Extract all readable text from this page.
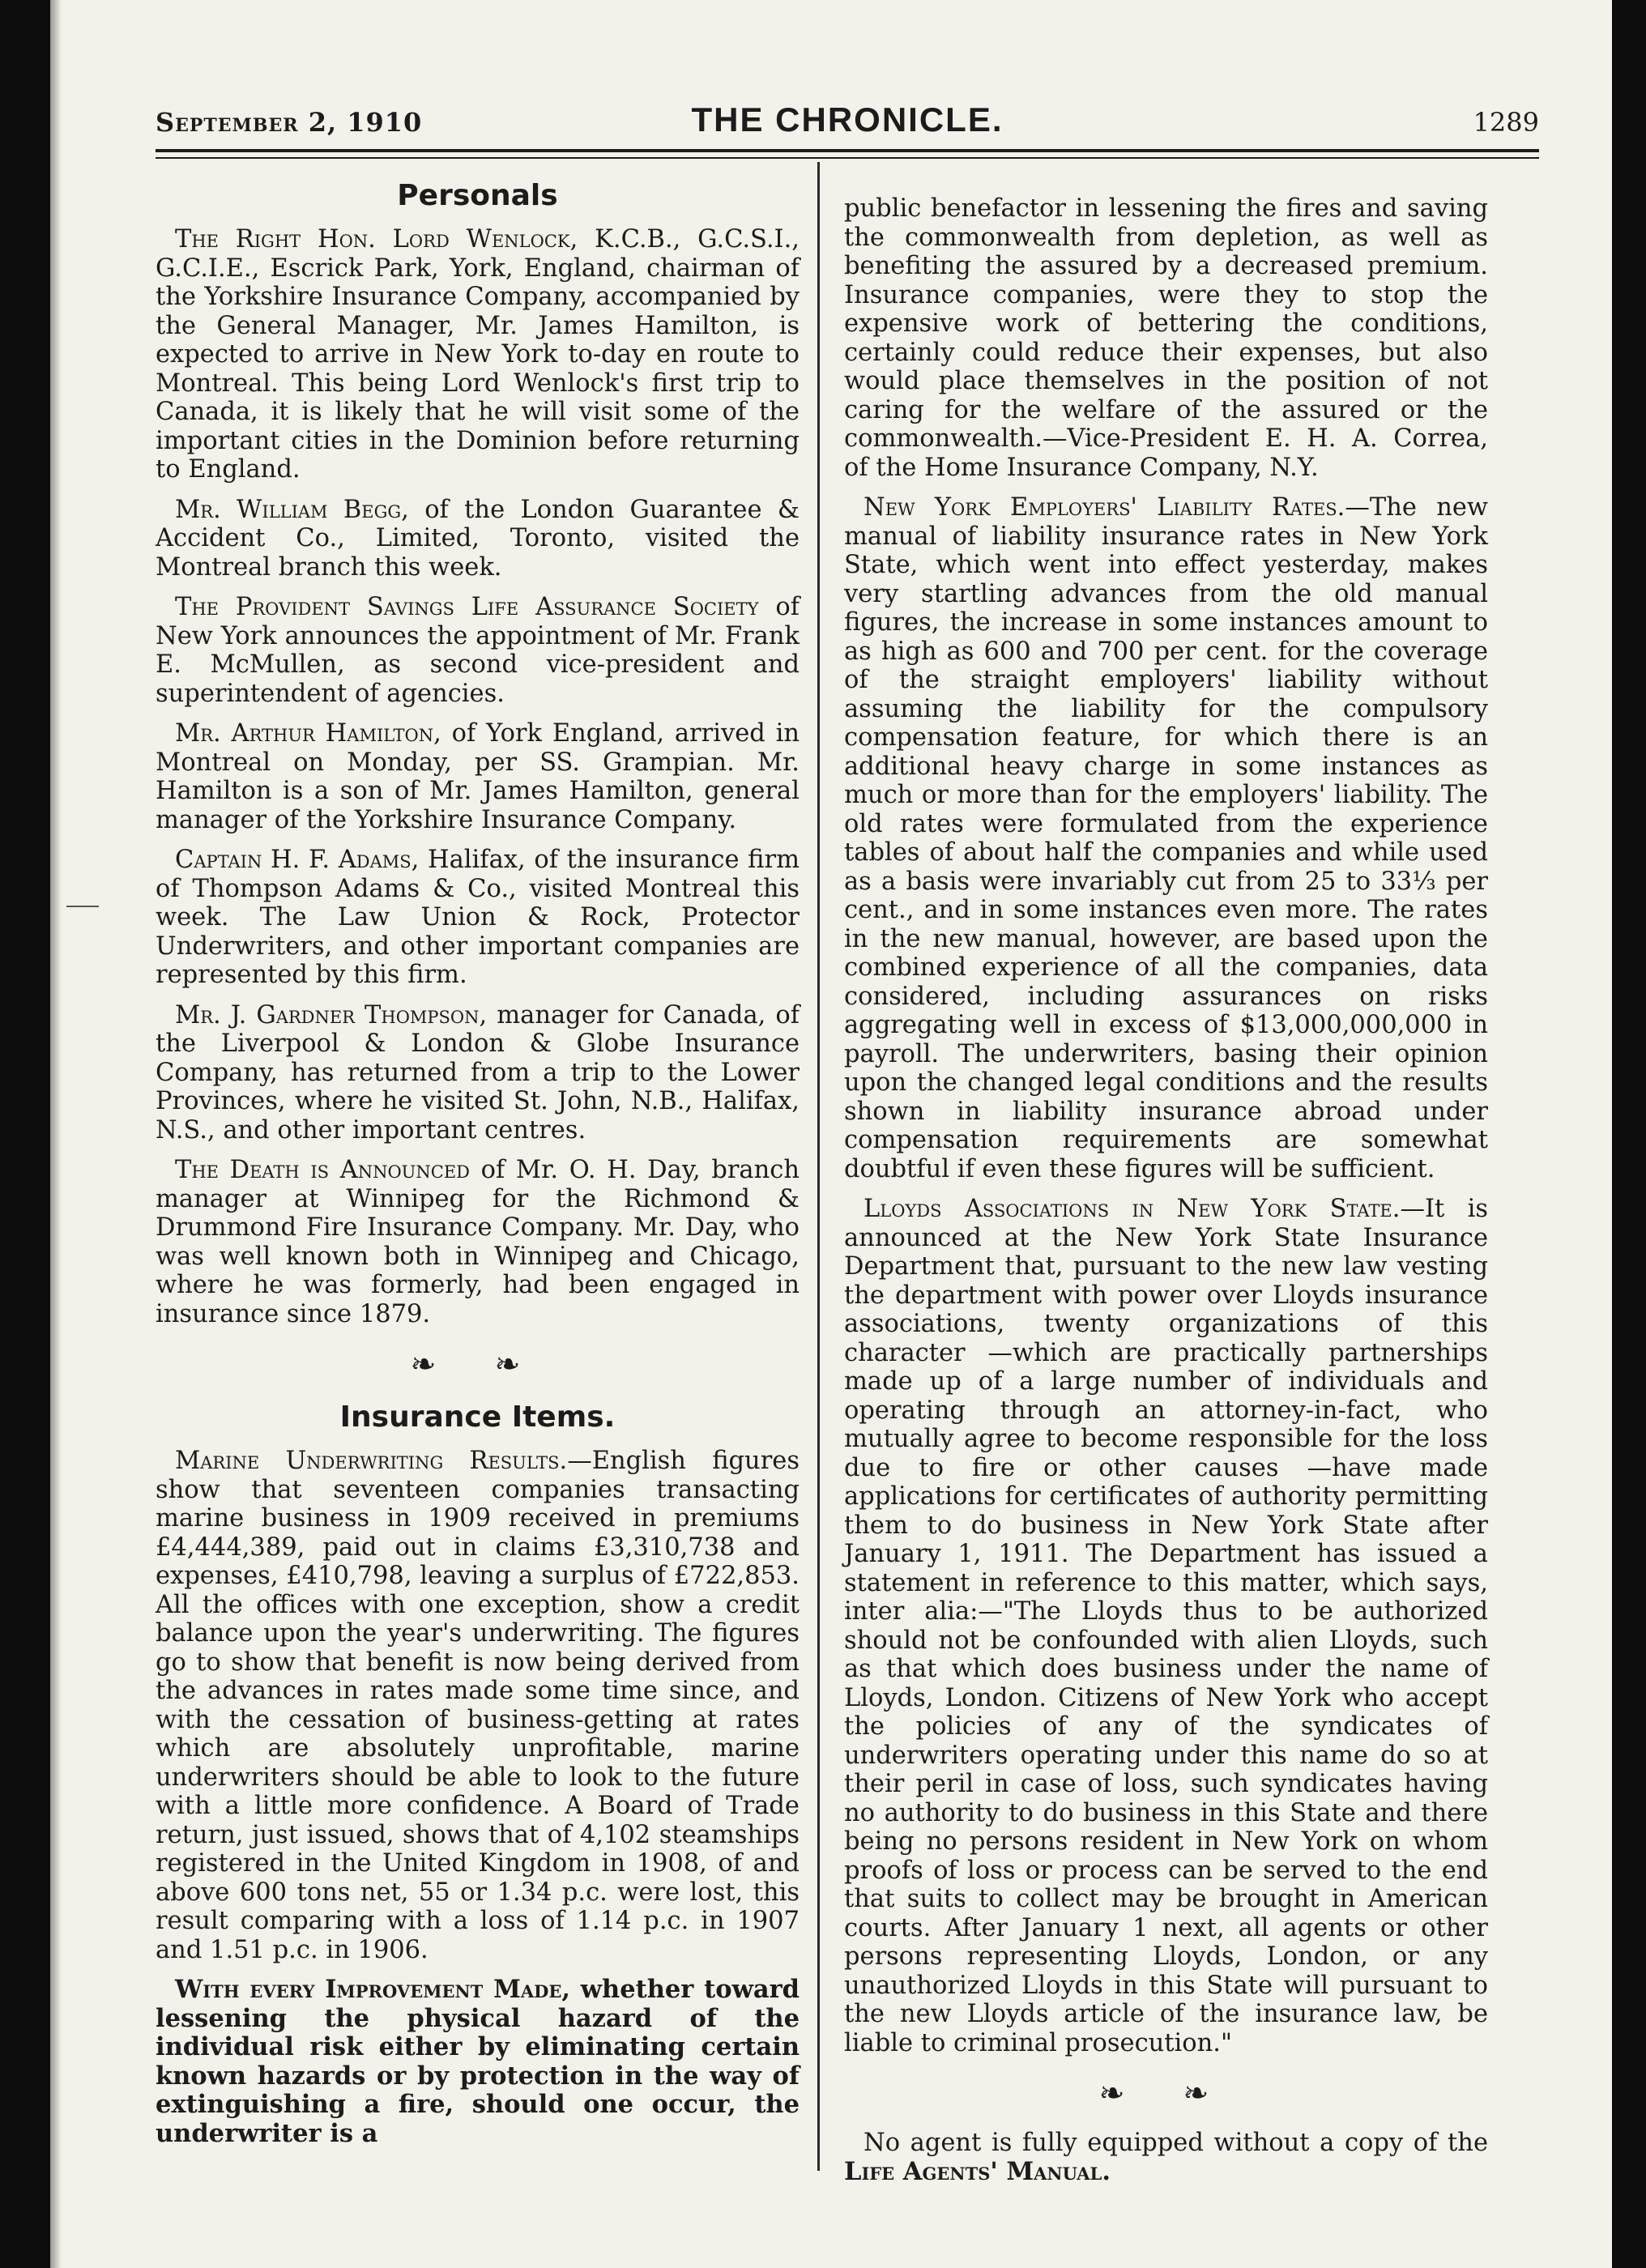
September 2, 1910	THE CHRONICLE.	1289
Personals

The Right Hon. Lord Wenlock, K.C.B., G.C.S.I., G.C.I.E., Escrick Park, York, England, chairman of the Yorkshire Insurance Company, accompanied by the General Manager, Mr. James Hamilton, is expected to arrive in New York to-day en route to Montreal. This being Lord Wenlock's first trip to Canada, it is likely that he will visit some of the important cities in the Dominion before returning to England.

Mr. William Begg, of the London Guarantee & Accident Co., Limited, Toronto, visited the Montreal branch this week.

The Provident Savings Life Assurance Society of New York announces the appointment of Mr. Frank E. McMullen, as second vice-president and superintendent of agencies.

Mr. Arthur Hamilton, of York England, arrived in Montreal on Monday, per SS. Grampian. Mr. Hamilton is a son of Mr. James Hamilton, general manager of the Yorkshire Insurance Company.

Captain H. F. Adams, Halifax, of the insurance firm of Thompson Adams & Co., visited Montreal this week. The Law Union & Rock, Protector Underwriters, and other important companies are represented by this firm.

Mr. J. Gardner Thompson, manager for Canada, of the Liverpool & London & Globe Insurance Company, has returned from a trip to the Lower Provinces, where he visited St. John, N.B., Halifax, N.S., and other important centres.

The Death is Announced of Mr. O. H. Day, branch manager at Winnipeg for the Richmond & Drummond Fire Insurance Company. Mr. Day, who was well known both in Winnipeg and Chicago, where he was formerly, had been engaged in insurance since 1879.

❧ ❧
Insurance Items.

Marine Underwriting Results.—English figures show that seventeen companies transacting marine business in 1909 received in premiums £4,444,389, paid out in claims £3,310,738 and expenses, £410,798, leaving a surplus of £722,853. All the offices with one exception, show a credit balance upon the year's underwriting. The figures go to show that benefit is now being derived from the advances in rates made some time since, and with the cessation of business-getting at rates which are absolutely unprofitable, marine underwriters should be able to look to the future with a little more confidence. A Board of Trade return, just issued, shows that of 4,102 steamships registered in the United Kingdom in 1908, of and above 600 tons net, 55 or 1.34 p.c. were lost, this result comparing with a loss of 1.14 p.c. in 1907 and 1.51 p.c. in 1906.

With every Improvement Made, whether toward lessening the physical hazard of the individual risk either by eliminating certain known hazards or by protection in the way of extinguishing a fire, should one occur, the underwriter is a

public benefactor in lessening the fires and saving the commonwealth from depletion, as well as benefiting the assured by a decreased premium. Insurance companies, were they to stop the expensive work of bettering the conditions, certainly could reduce their expenses, but also would place themselves in the position of not caring for the welfare of the assured or the commonwealth.—Vice-President E. H. A. Correa, of the Home Insurance Company, N.Y.

New York Employers' Liability Rates.—The new manual of liability insurance rates in New York State, which went into effect yesterday, makes very startling advances from the old manual figures, the increase in some instances amount to as high as 600 and 700 per cent. for the coverage of the straight employers' liability without assuming the liability for the compulsory compensation feature, for which there is an additional heavy charge in some instances as much or more than for the employers' liability. The old rates were formulated from the experience tables of about half the companies and while used as a basis were invariably cut from 25 to 33⅓ per cent., and in some instances even more. The rates in the new manual, however, are based upon the combined experience of all the companies, data considered, including assurances on risks aggregating well in excess of $13,000,000,000 in payroll. The underwriters, basing their opinion upon the changed legal conditions and the results shown in liability insurance abroad under compensation requirements are somewhat doubtful if even these figures will be sufficient.

Lloyds Associations in New York State.—It is announced at the New York State Insurance Department that, pursuant to the new law vesting the department with power over Lloyds insurance associations, twenty organizations of this character —which are practically partnerships made up of a large number of individuals and operating through an attorney-in-fact, who mutually agree to become responsible for the loss due to fire or other causes —have made applications for certificates of authority permitting them to do business in New York State after January 1, 1911. The Department has issued a statement in reference to this matter, which says, inter alia:—"The Lloyds thus to be authorized should not be confounded with alien Lloyds, such as that which does business under the name of Lloyds, London. Citizens of New York who accept the policies of any of the syndicates of underwriters operating under this name do so at their peril in case of loss, such syndicates having no authority to do business in this State and there being no persons resident in New York on whom proofs of loss or process can be served to the end that suits to collect may be brought in American courts. After January 1 next, all agents or other persons representing Lloyds, London, or any unauthorized Lloyds in this State will pursuant to the new Lloyds article of the insurance law, be liable to criminal prosecution."

❧ ❧

No agent is fully equipped without a copy of the Life Agents' Manual.
